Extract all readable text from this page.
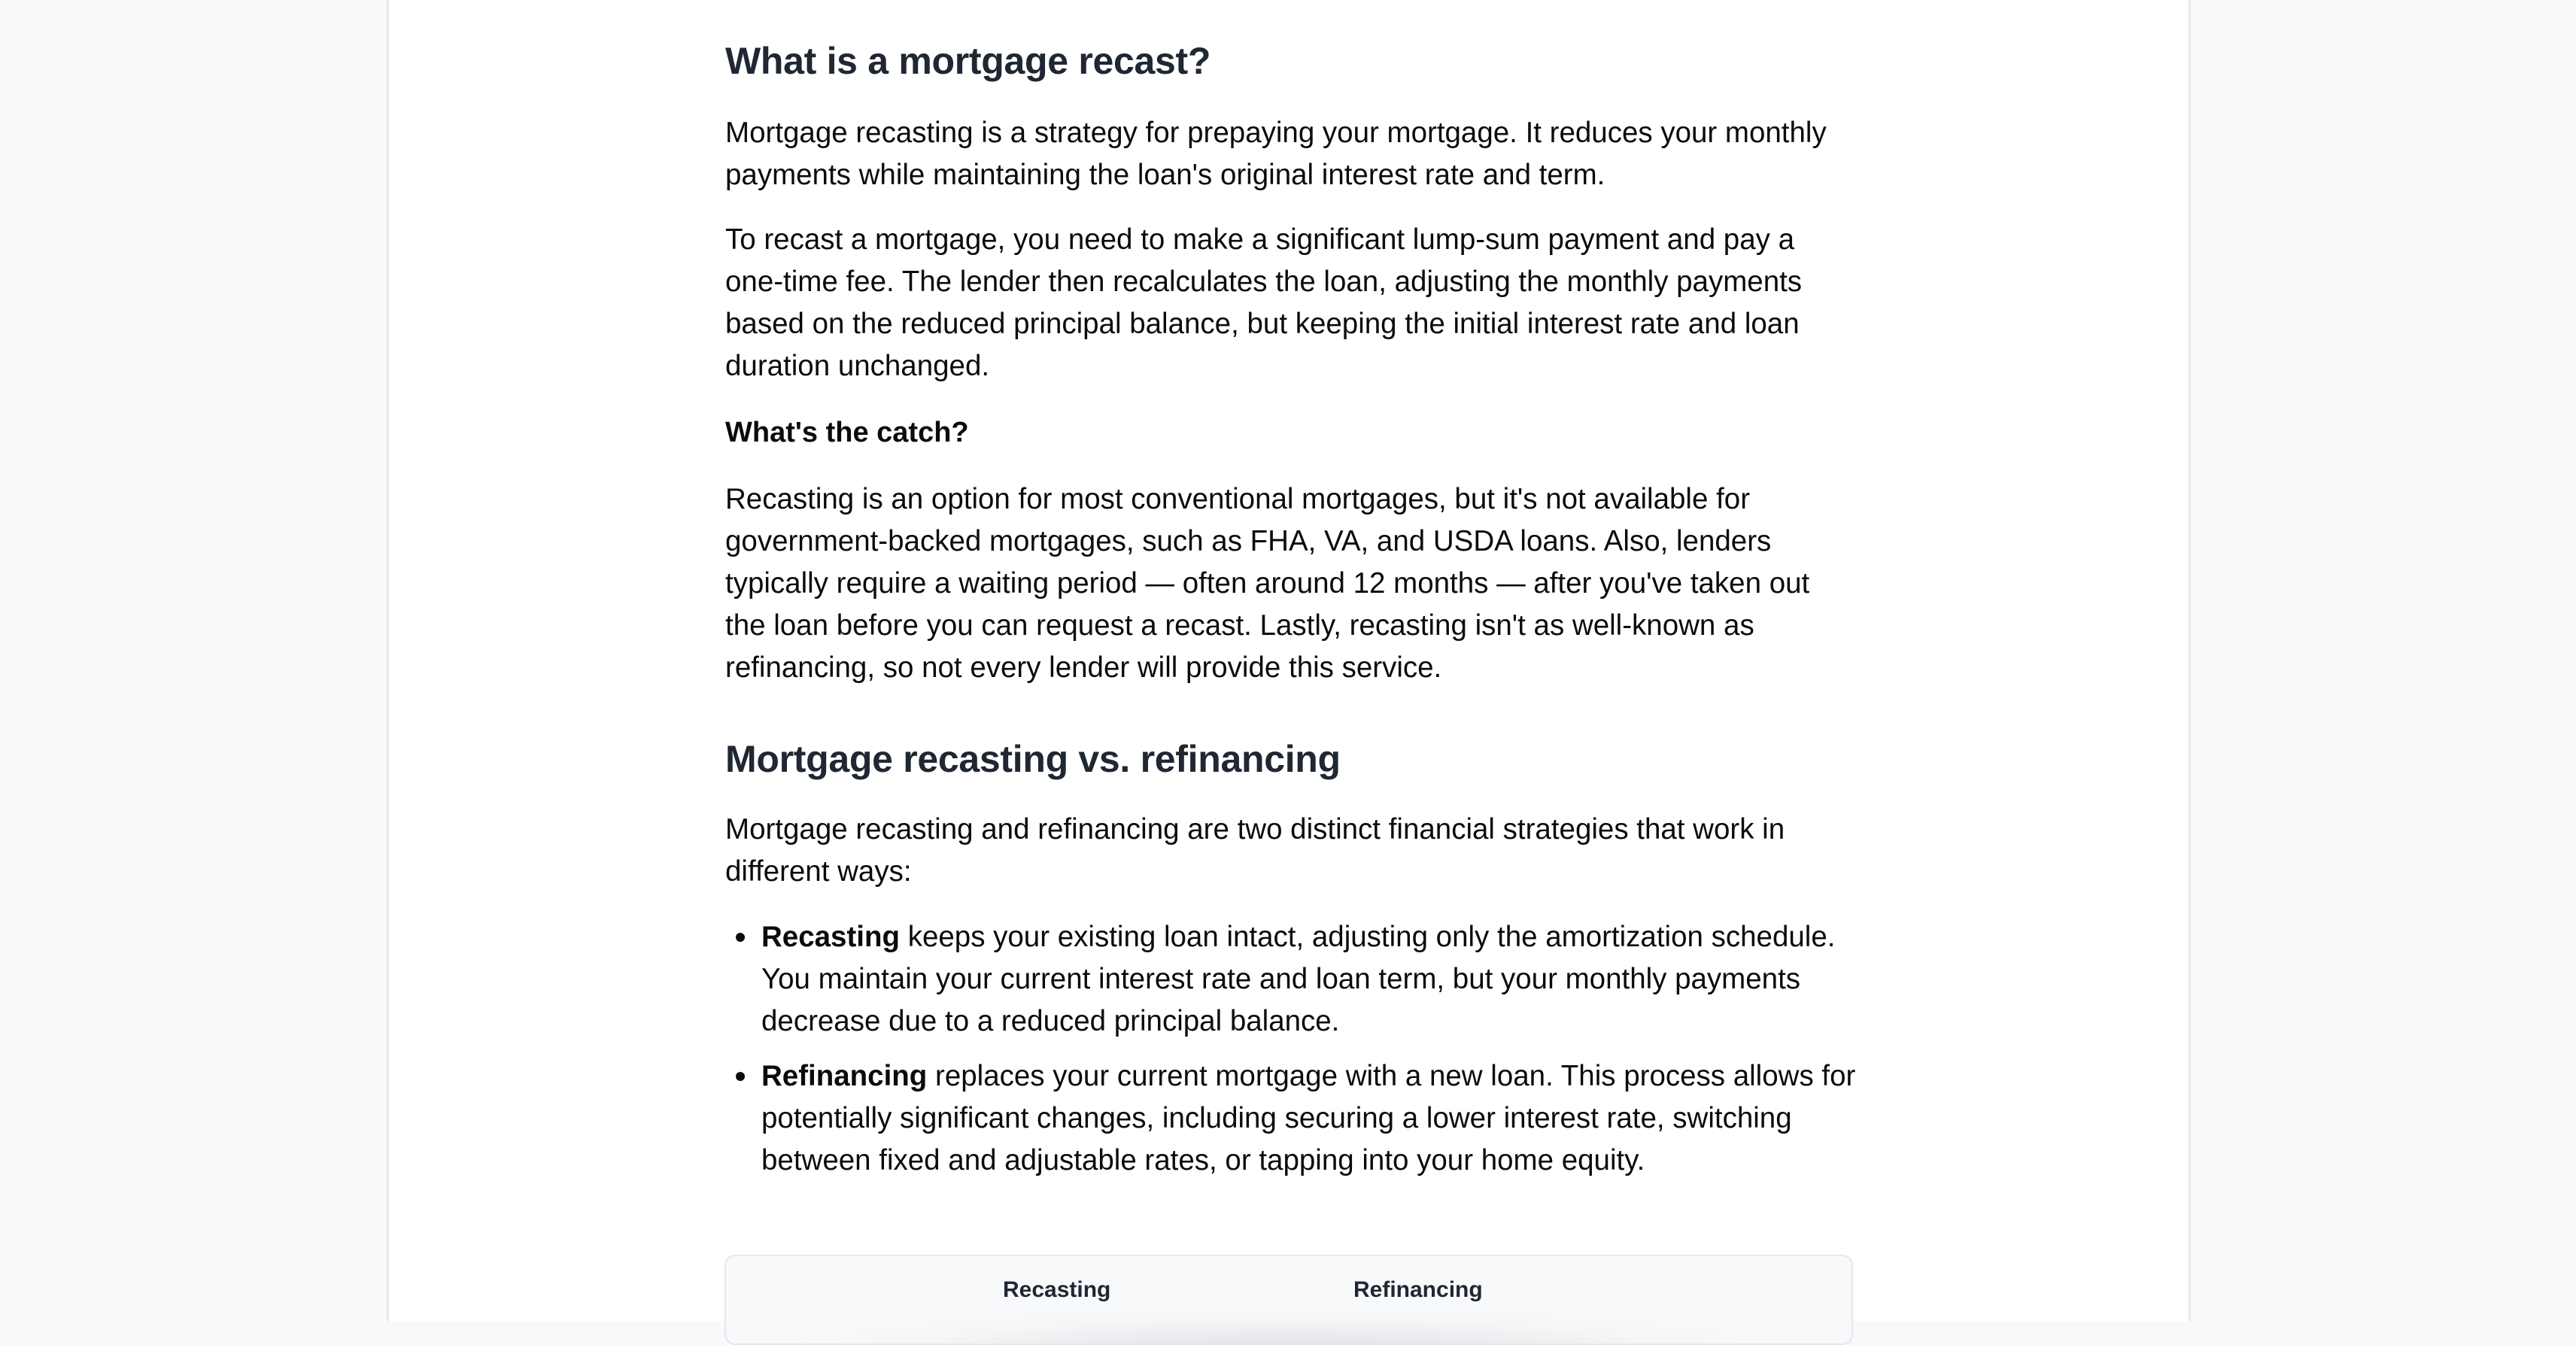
What is a mortgage recast?

Mortgage recasting is a strategy for prepaying your mortgage. It reduces your monthly payments while maintaining the loan's original interest rate and term.

To recast a mortgage, you need to make a significant lump-sum payment and pay a one-time fee. The lender then recalculates the loan, adjusting the monthly payments based on the reduced principal balance, but keeping the initial interest rate and loan duration unchanged.

What's the catch?

Recasting is an option for most conventional mortgages, but it's not available for government-backed mortgages, such as FHA, VA, and USDA loans. Also, lenders typically require a waiting period — often around 12 months — after you've taken out the loan before you can request a recast. Lastly, recasting isn't as well-known as refinancing, so not every lender will provide this service.

Mortgage recasting vs. refinancing

Mortgage recasting and refinancing are two distinct financial strategies that work in different ways:

Recasting keeps your existing loan intact, adjusting only the amortization schedule. You maintain your current interest rate and loan term, but your monthly payments decrease due to a reduced principal balance.
Refinancing replaces your current mortgage with a new loan. This process allows for potentially significant changes, including securing a lower interest rate, switching between fixed and adjustable rates, or tapping into your home equity.
Recasting	Refinancing
